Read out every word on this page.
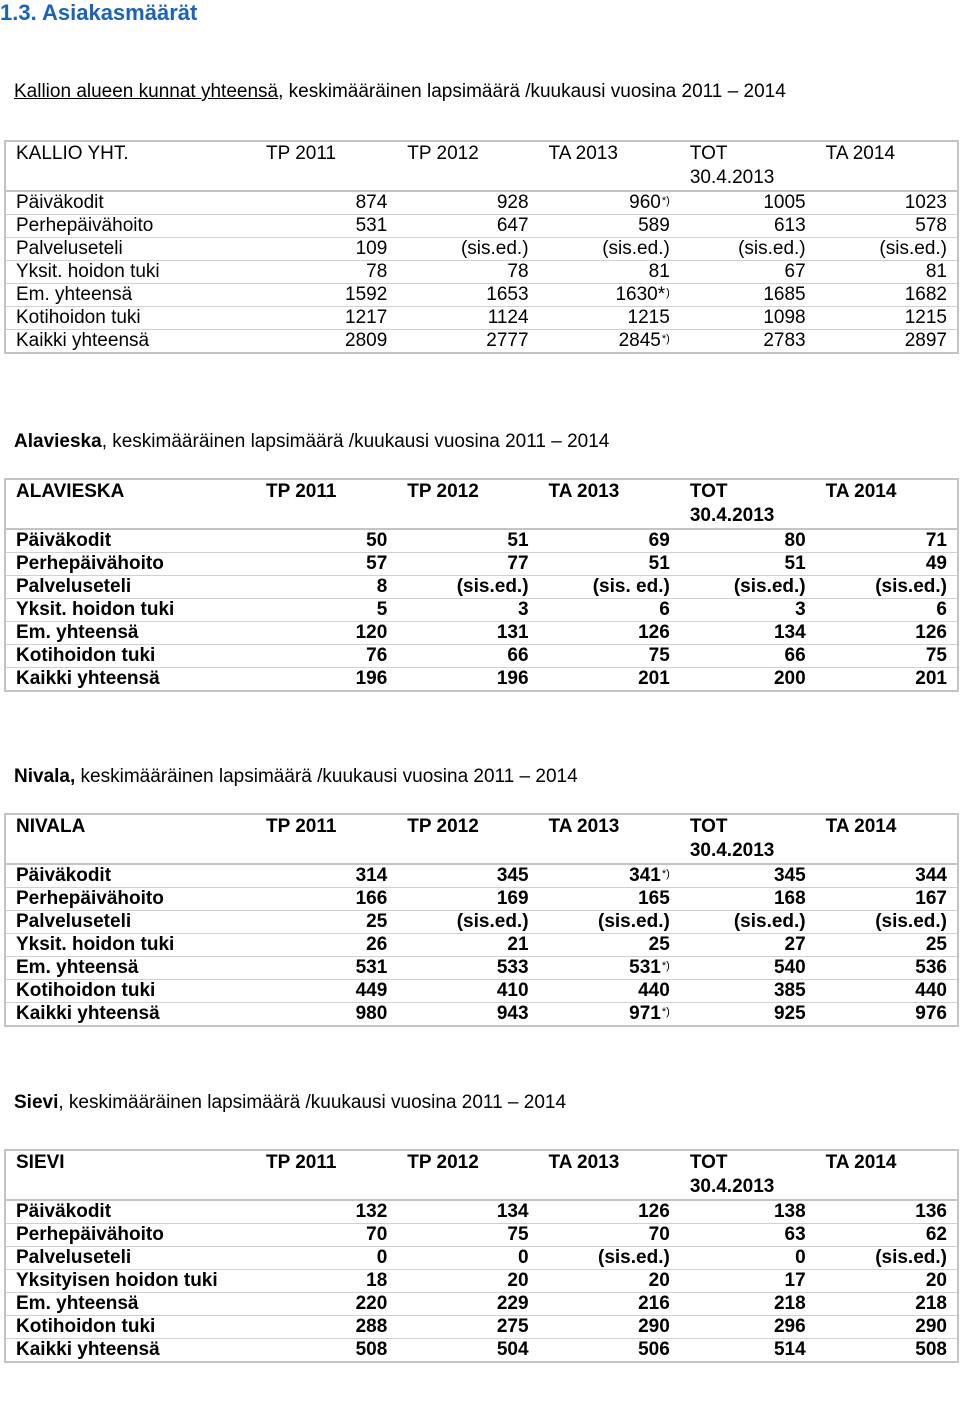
1.3. Asiakasmäärät
Kallion alueen kunnat yhteensä, keskimääräinen lapsimäärä /kuukausi vuosina 2011 – 2014
KALLIO YHT.	TP 2011	TP 2012	TA 2013	TOT 30.4.2013	TA 2014
Päiväkodit	874	928	960*)	1005	1023
Perhepäivähoito	531	647	589	613	578
Palveluseteli	109	(sis.ed.)	(sis.ed.)	(sis.ed.)	(sis.ed.)
Yksit. hoidon tuki	78	78	81	67	81
Em. yhteensä	1592	1653	1630*)	1685	1682
Kotihoidon tuki	1217	1124	1215	1098	1215
Kaikki yhteensä	2809	2777	2845*)	2783	2897
Alavieska, keskimääräinen lapsimäärä /kuukausi vuosina 2011 – 2014
ALAVIESKA	TP 2011	TP 2012	TA 2013	TOT 30.4.2013	TA 2014
Päiväkodit	50	51	69	80	71
Perhepäivähoito	57	77	51	51	49
Palveluseteli	8	(sis.ed.)	(sis. ed.)	(sis.ed.)	(sis.ed.)
Yksit. hoidon tuki	5	3	6	3	6
Em. yhteensä	120	131	126	134	126
Kotihoidon tuki	76	66	75	66	75
Kaikki yhteensä	196	196	201	200	201
Nivala, keskimääräinen lapsimäärä /kuukausi vuosina 2011 – 2014
NIVALA	TP 2011	TP 2012	TA 2013	TOT 30.4.2013	TA 2014
Päiväkodit	314	345	341*)	345	344
Perhepäivähoito	166	169	165	168	167
Palveluseteli	25	(sis.ed.)	(sis.ed.)	(sis.ed.)	(sis.ed.)
Yksit. hoidon tuki	26	21	25	27	25
Em. yhteensä	531	533	531*)	540	536
Kotihoidon tuki	449	410	440	385	440
Kaikki yhteensä	980	943	971*)	925	976
Sievi, keskimääräinen lapsimäärä /kuukausi vuosina 2011 – 2014
SIEVI	TP 2011	TP 2012	TA 2013	TOT 30.4.2013	TA 2014
Päiväkodit	132	134	126	138	136
Perhepäivähoito	70	75	70	63	62
Palveluseteli	0	0	(sis.ed.)	0	(sis.ed.)
Yksityisen hoidon tuki	18	20	20	17	20
Em. yhteensä	220	229	216	218	218
Kotihoidon tuki	288	275	290	296	290
Kaikki yhteensä	508	504	506	514	508
